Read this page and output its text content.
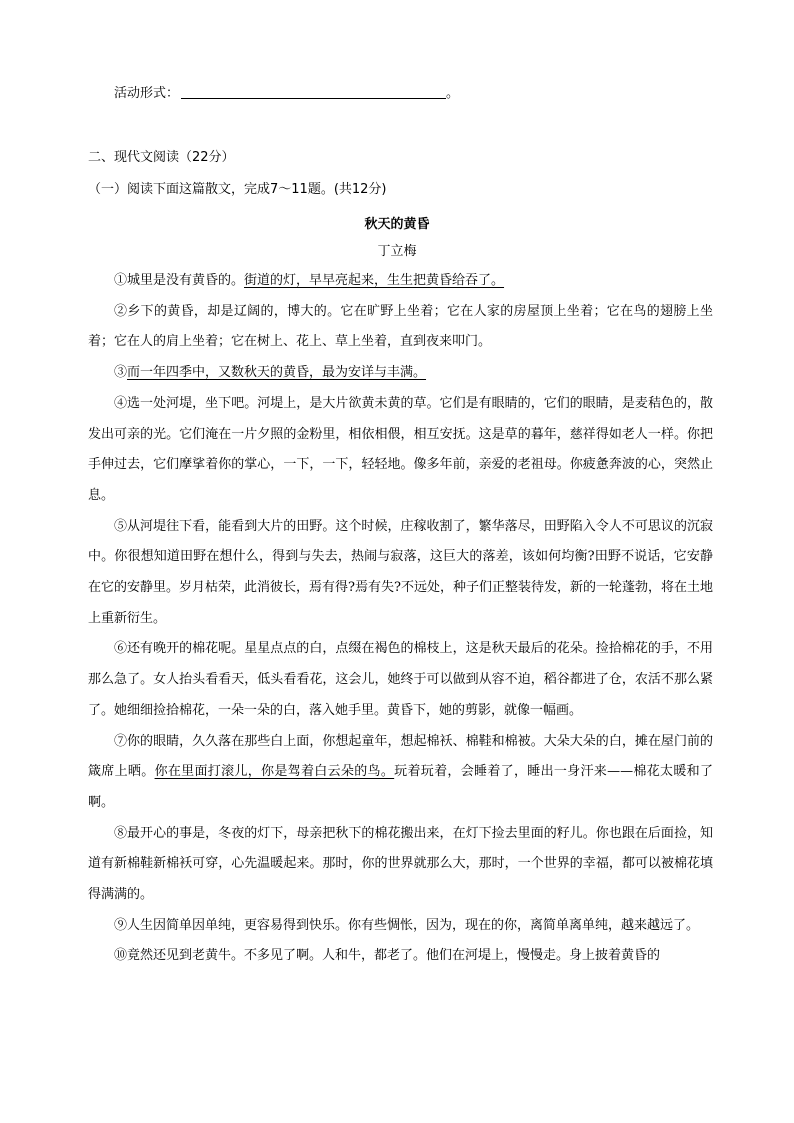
活动形式：	。
二、现代文阅读（22分）
（一）阅读下面这篇散文，完成7～11题。(共12分)
秋天的黄昏
丁立梅

①城里是没有黄昏的。街道的灯，早早亮起来，生生把黄昏给吞了。

②乡下的黄昏，却是辽阔的，博大的。它在旷野上坐着；它在人家的房屋顶上坐着；它在鸟的翅膀上坐着；它在人的肩上坐着；它在树上、花上、草上坐着，直到夜来叩门。

③而一年四季中，又数秋天的黄昏，最为安详与丰满。

④选一处河堤，坐下吧。河堤上，是大片欲黄未黄的草。它们是有眼睛的，它们的眼睛，是麦秸色的，散发出可亲的光。它们淹在一片夕照的金粉里，相依相偎，相互安抚。这是草的暮年，慈祥得如老人一样。你把手伸过去，它们摩挲着你的掌心，一下，一下，轻轻地。像多年前，亲爱的老祖母。你疲惫奔波的心，突然止息。

⑤从河堤往下看，能看到大片的田野。这个时候，庄稼收割了，繁华落尽，田野陷入令人不可思议的沉寂中。你很想知道田野在想什么，得到与失去，热闹与寂落，这巨大的落差，该如何均衡?田野不说话，它安静在它的安静里。岁月枯荣，此消彼长，焉有得?焉有失?不远处，种子们正整装待发，新的一轮蓬勃，将在土地上重新衍生。

⑥还有晚开的棉花呢。星星点点的白，点缀在褐色的棉枝上，这是秋天最后的花朵。捡拾棉花的手，不用那么急了。女人抬头看看天，低头看看花，这会儿，她终于可以做到从容不迫，稻谷都进了仓，农活不那么紧了。她细细捡拾棉花，一朵一朵的白，落入她手里。黄昏下，她的剪影，就像一幅画。

⑦你的眼睛，久久落在那些白上面，你想起童年，想起棉袄、棉鞋和棉被。大朵大朵的白，摊在屋门前的箴席上晒。你在里面打滚儿，你是驾着白云朵的鸟。玩着玩着，会睡着了，睡出一身汗来——棉花太暖和了啊。

⑧最开心的事是，冬夜的灯下，母亲把秋下的棉花搬出来，在灯下捡去里面的籽儿。你也跟在后面捡，知道有新棉鞋新棉袄可穿，心先温暖起来。那时，你的世界就那么大，那时，一个世界的幸福，都可以被棉花填得满满的。

⑨人生因简单因单纯，更容易得到快乐。你有些惆怅，因为，现在的你，离简单离单纯，越来越远了。

⑩竟然还见到老黄牛。不多见了啊。人和牛，都老了。他们在河堤上，慢慢走。身上披着黄昏的
